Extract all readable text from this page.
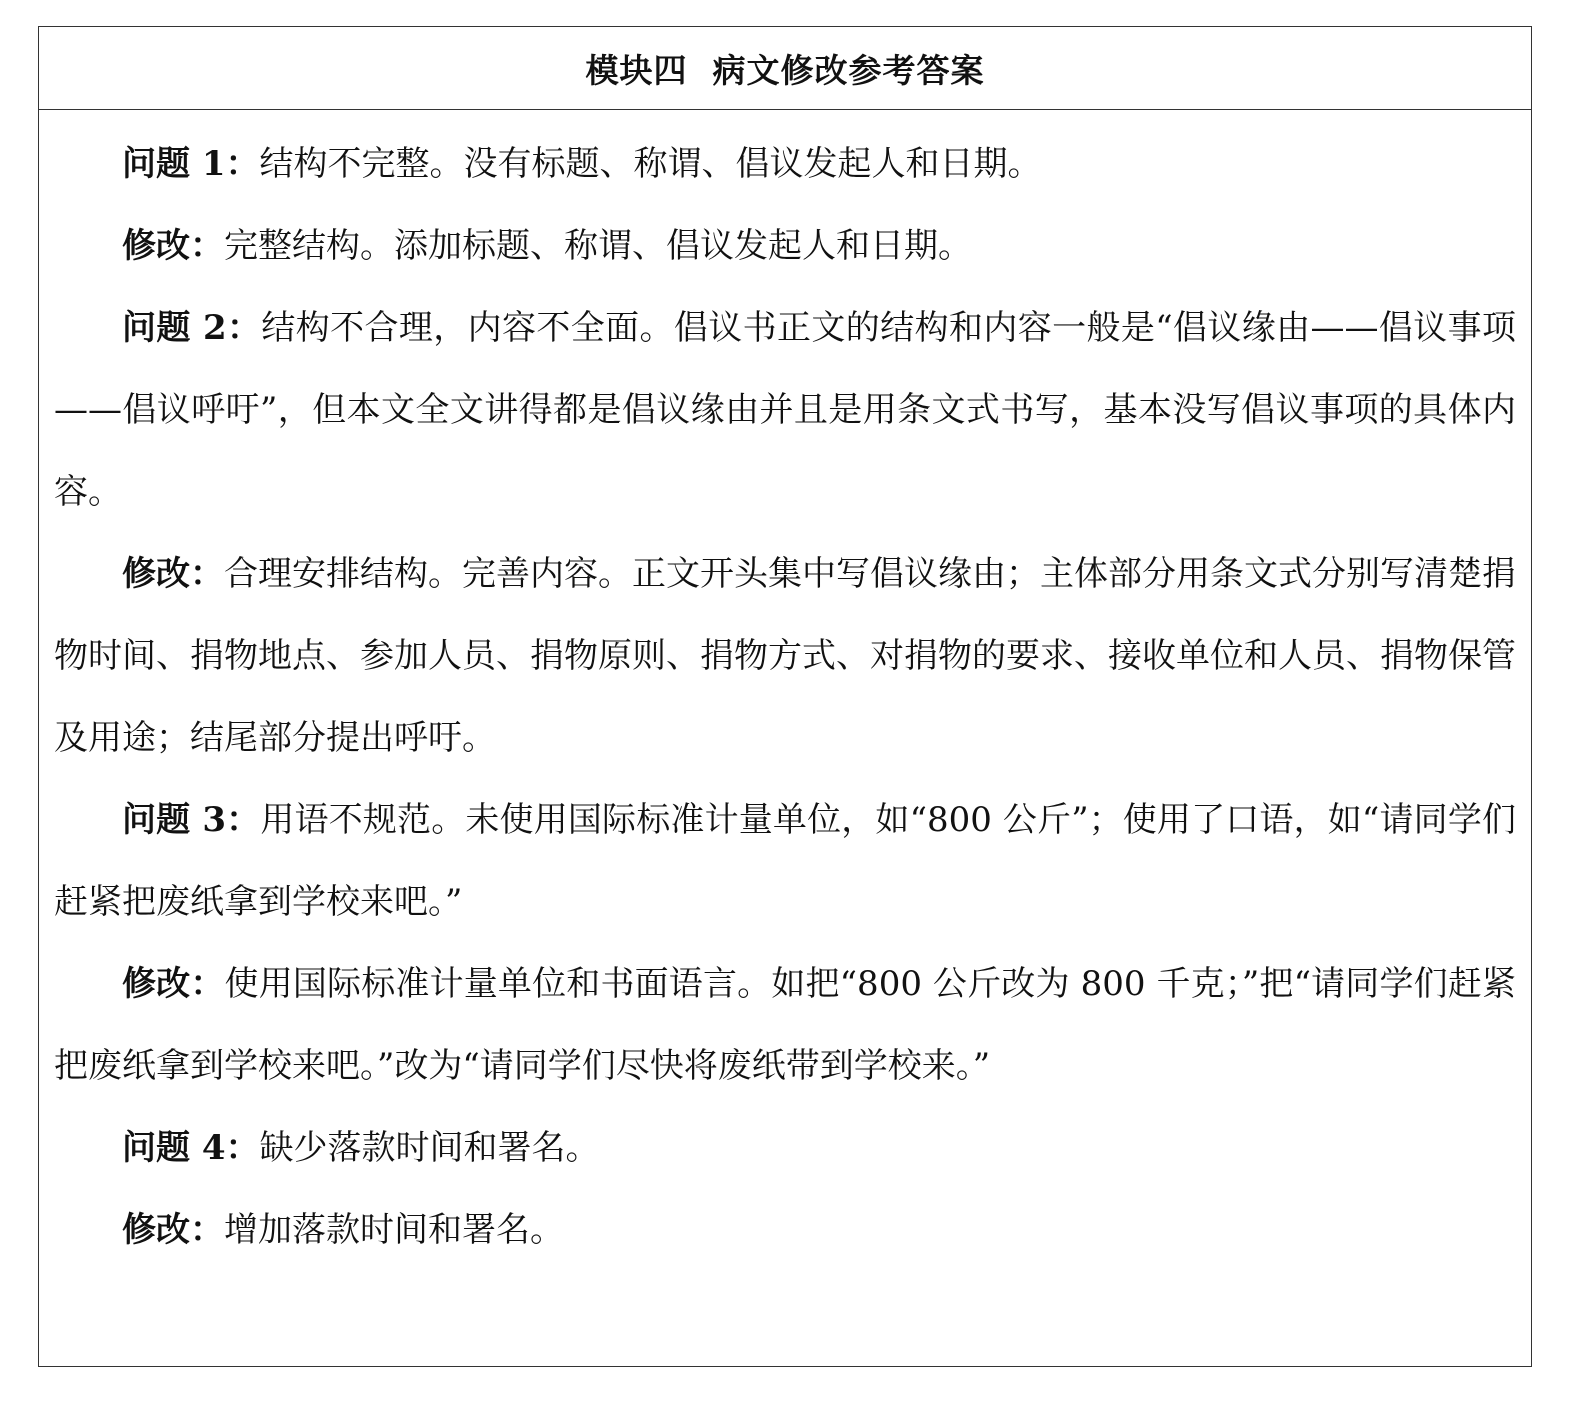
模块四  病文修改参考答案

问题 1：结构不完整。没有标题、称谓、倡议发起人和日期。

修改：完整结构。添加标题、称谓、倡议发起人和日期。

问题 2：结构不合理，内容不全面。倡议书正文的结构和内容一般是“倡议缘由——倡议事项——倡议呼吁”，但本文全文讲得都是倡议缘由并且是用条文式书写，基本没写倡议事项的具体内容。

修改：合理安排结构。完善内容。正文开头集中写倡议缘由；主体部分用条文式分别写清楚捐物时间、捐物地点、参加人员、捐物原则、捐物方式、对捐物的要求、接收单位和人员、捐物保管及用途；结尾部分提出呼吁。

问题 3：用语不规范。未使用国际标准计量单位，如“800 公斤”；使用了口语，如“请同学们赶紧把废纸拿到学校来吧。”

修改：使用国际标准计量单位和书面语言。如把“800 公斤改为 800 千克；”把“请同学们赶紧把废纸拿到学校来吧。”改为“请同学们尽快将废纸带到学校来。”

问题 4：缺少落款时间和署名。

修改：增加落款时间和署名。
